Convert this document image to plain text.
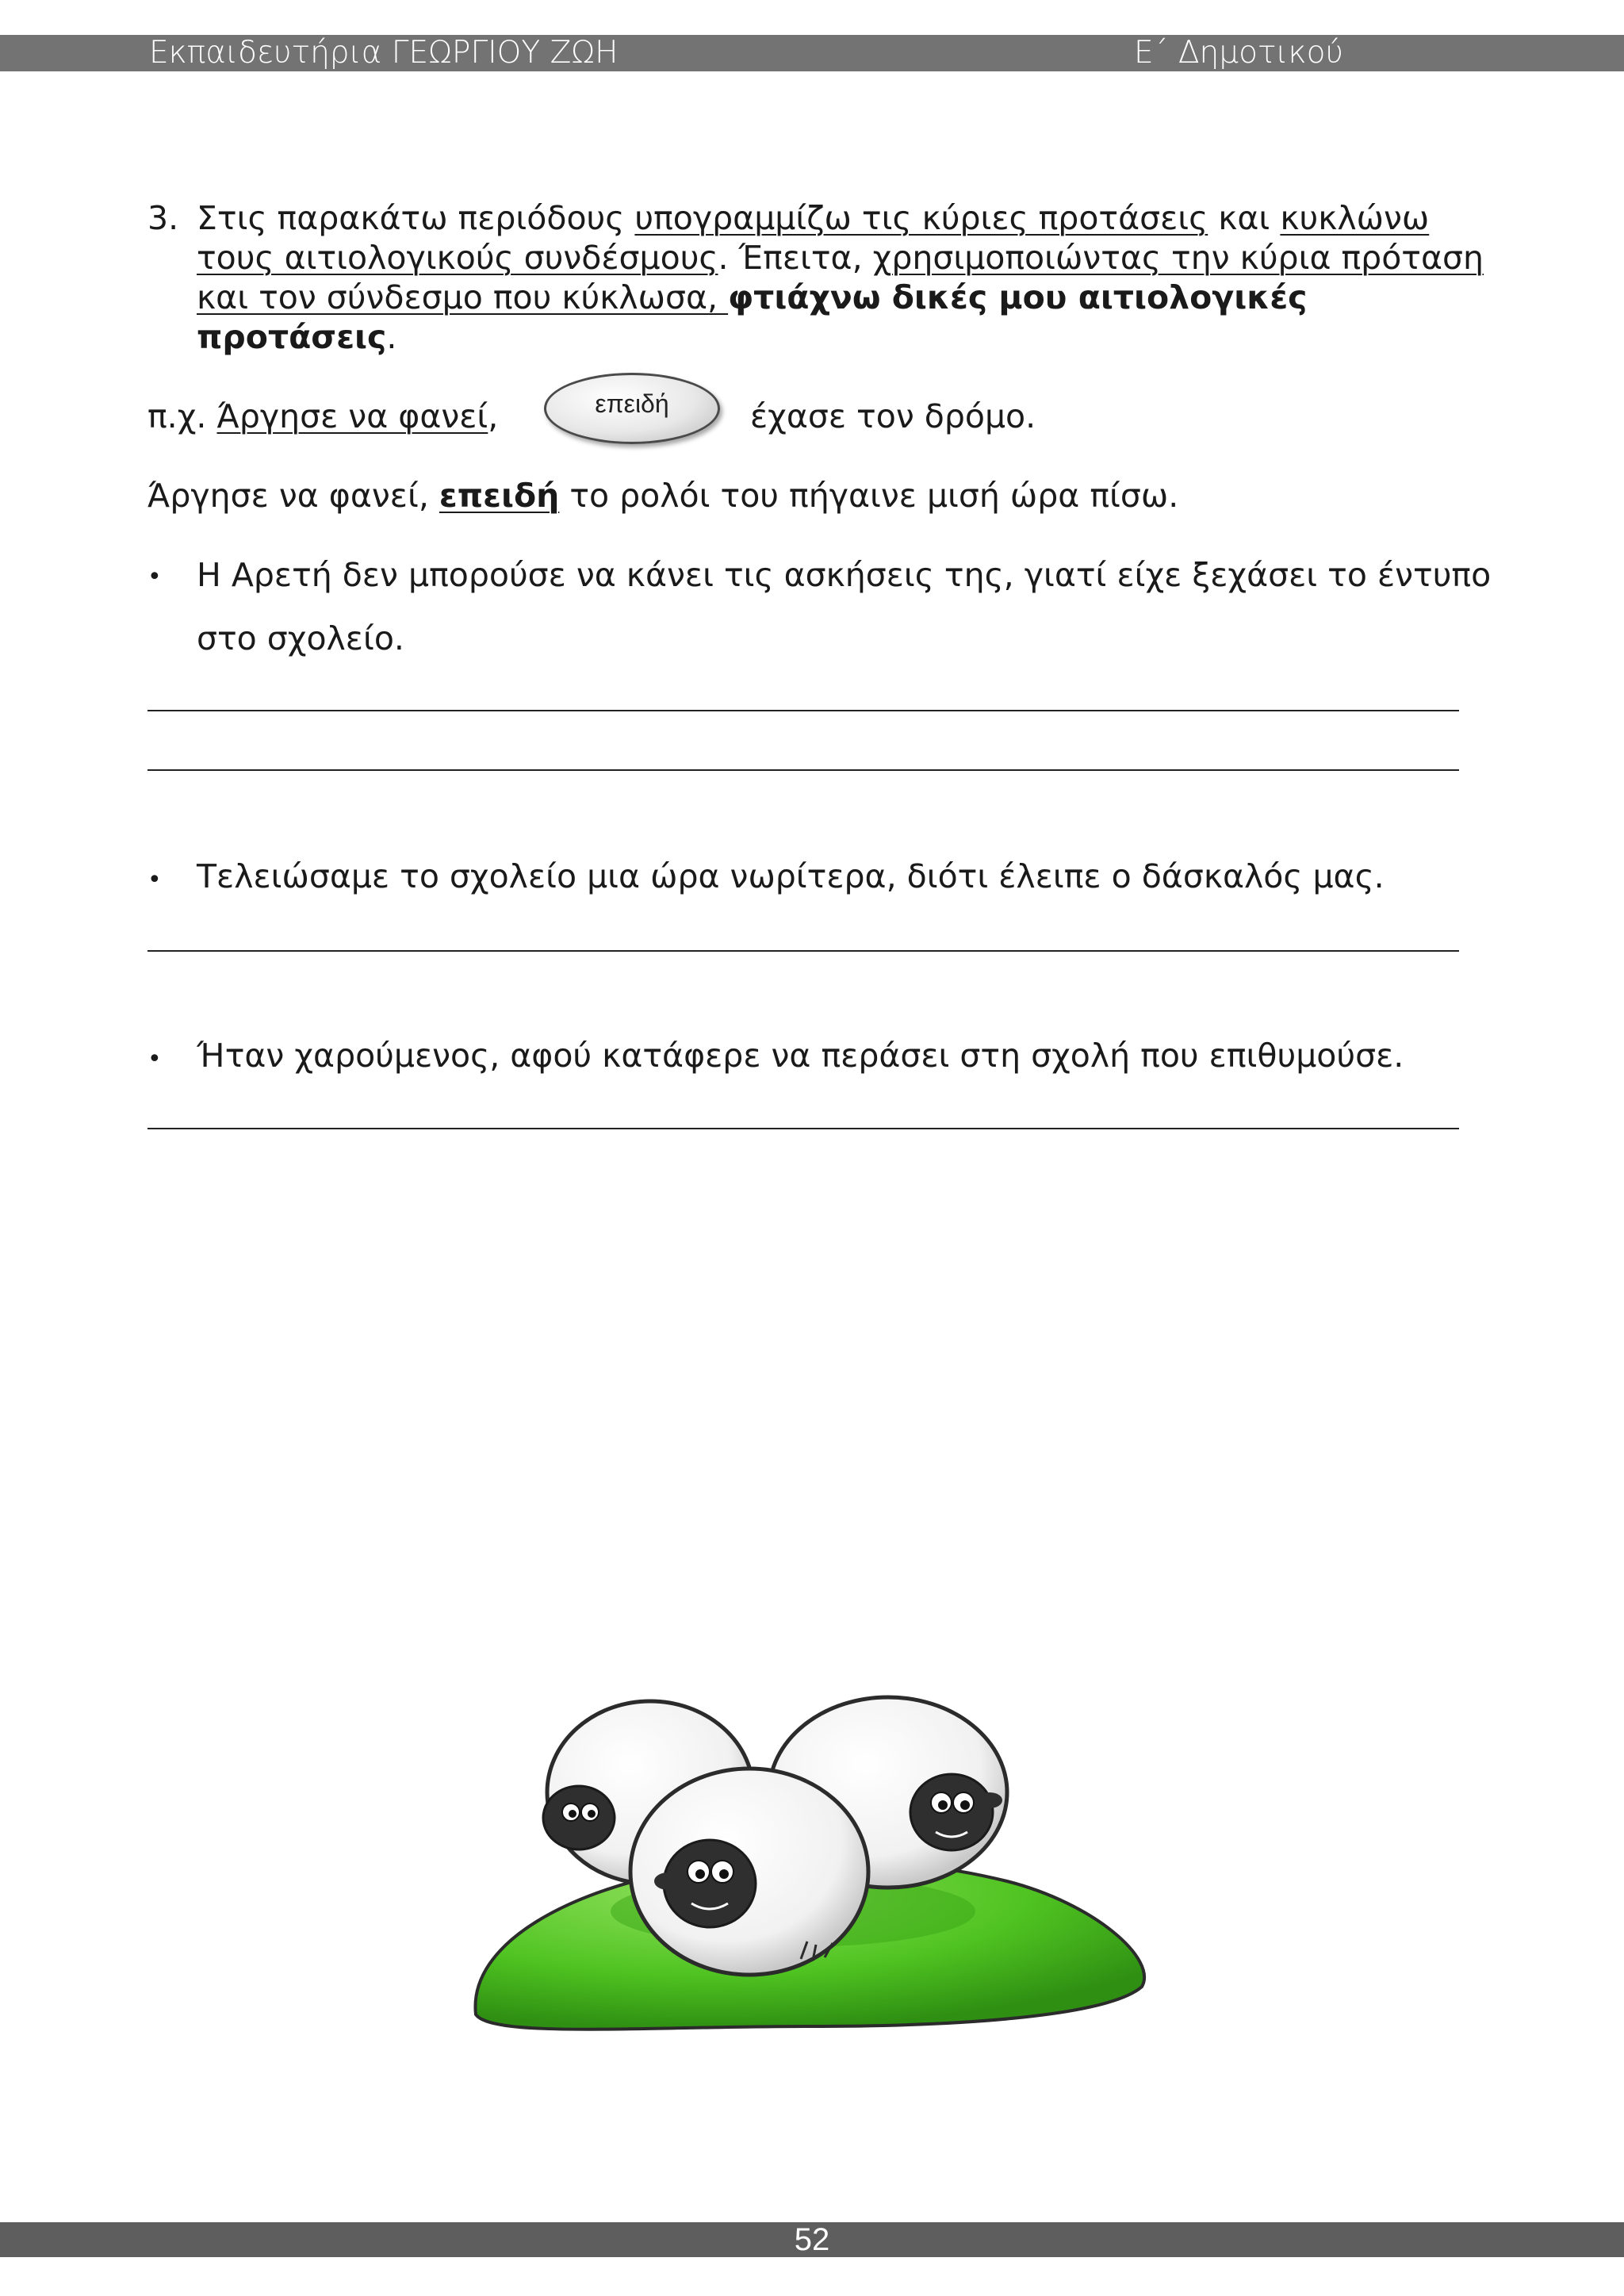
Εκπαιδευτήρια ΓΕΩΡΓΙΟΥ ΖΩΗ	Ε΄ Δημοτικού
3. Στις παρακάτω περιόδους υπογραμμίζω τις κύριες προτάσεις και κυκλώνω
τους αιτιολογικούς συνδέσμους. Έπειτα, χρησιμοποιώντας την κύρια πρόταση
και τον σύνδεσμο που κύκλωσα, φτιάχνω δικές μου αιτιολογικές
προτάσεις.
π.χ. Άργησε να φανεί,	επειδή	έχασε τον δρόμο.
Άργησε να φανεί, επειδή το ρολόι του πήγαινε μισή ώρα πίσω.
• Η Αρετή δεν μπορούσε να κάνει τις ασκήσεις της, γιατί είχε ξεχάσει το έντυπο
στο σχολείο.
• Τελειώσαμε το σχολείο μια ώρα νωρίτερα, διότι έλειπε ο δάσκαλός μας.
• Ήταν χαρούμενος, αφού κατάφερε να περάσει στη σχολή που επιθυμούσε.
52
